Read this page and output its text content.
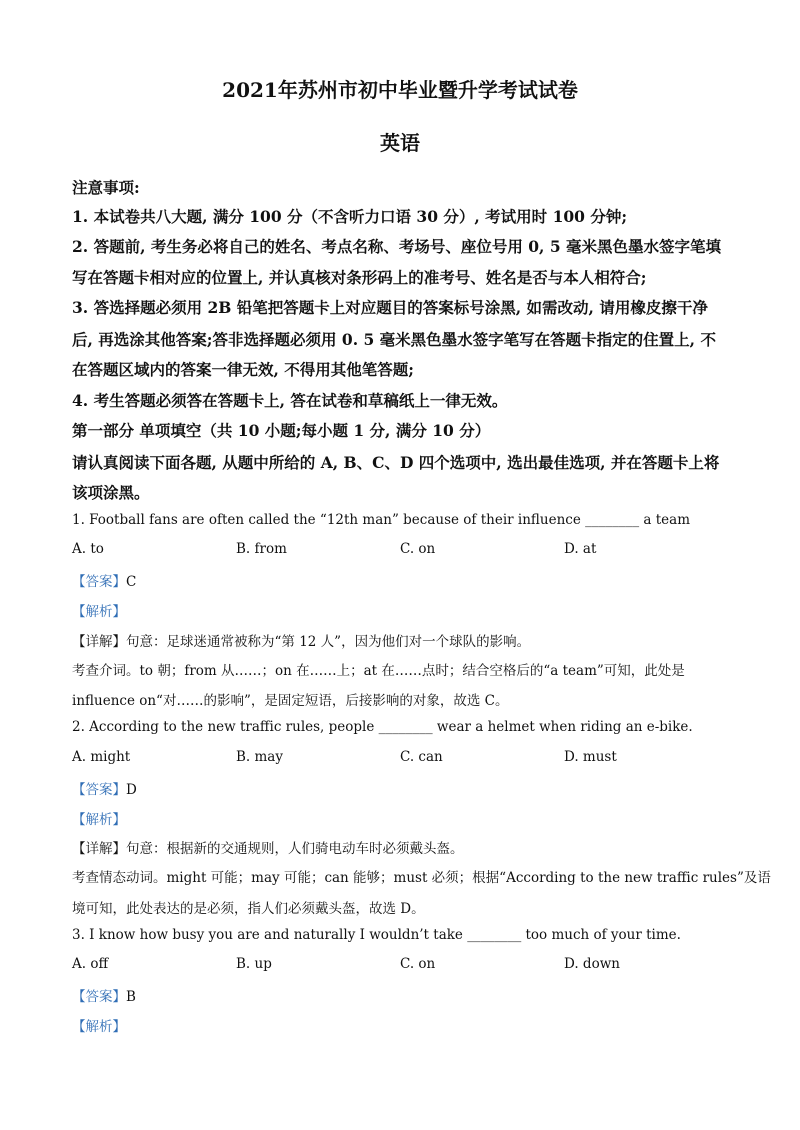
2021年苏州市初中毕业暨升学考试试卷
英语
注意事项:
1. 本试卷共八大题, 满分 100 分（不含听力口语 30 分）, 考试用时 100 分钟;
2. 答题前, 考生务必将自己的姓名、考点名称、考场号、座位号用 0, 5 毫米黑色墨水签字笔填
写在答题卡相对应的位置上, 并认真核对条形码上的准考号、姓名是否与本人相符合;
3. 答选择题必须用 2B 铅笔把答题卡上对应题目的答案标号涂黑, 如需改动, 请用橡皮擦干净
后, 再选涂其他答案;答非选择题必须用 0. 5 毫米黑色墨水签字笔写在答题卡指定的住置上, 不
在答题区域内的答案一律无效, 不得用其他笔答题;
4. 考生答题必须答在答题卡上, 答在试卷和草稿纸上一律无效。
第一部分 单项填空（共 10 小题;每小题 1 分, 满分 10 分）
请认真阅读下面各题, 从题中所给的 A, B、C、D 四个选项中, 选出最佳选项, 并在答题卡上将
该项涂黑。
1. Football fans are often called the “12th man” because of their influence ________ a team
A. to	B. from	C. on	D. at
【答案】C
【解析】
【详解】句意：足球迷通常被称为“第 12 人”，因为他们对一个球队的影响。
考查介词。to 朝；from 从……；on 在……上；at 在……点时；结合空格后的“a team”可知，此处是
influence on“对……的影响”，是固定短语，后接影响的对象，故选 C。
2. According to the new traffic rules, people ________ wear a helmet when riding an e-bike.
A. might	B. may	C. can	D. must
【答案】D
【解析】
【详解】句意：根据新的交通规则，人们骑电动车时必须戴头盔。
考查情态动词。might 可能；may 可能；can 能够；must 必须；根据“According to the new traffic rules”及语
境可知，此处表达的是必须，指人们必须戴头盔，故选 D。
3. I know how busy you are and naturally I wouldn’t take ________ too much of your time.
A. off	B. up	C. on	D. down
【答案】B
【解析】
